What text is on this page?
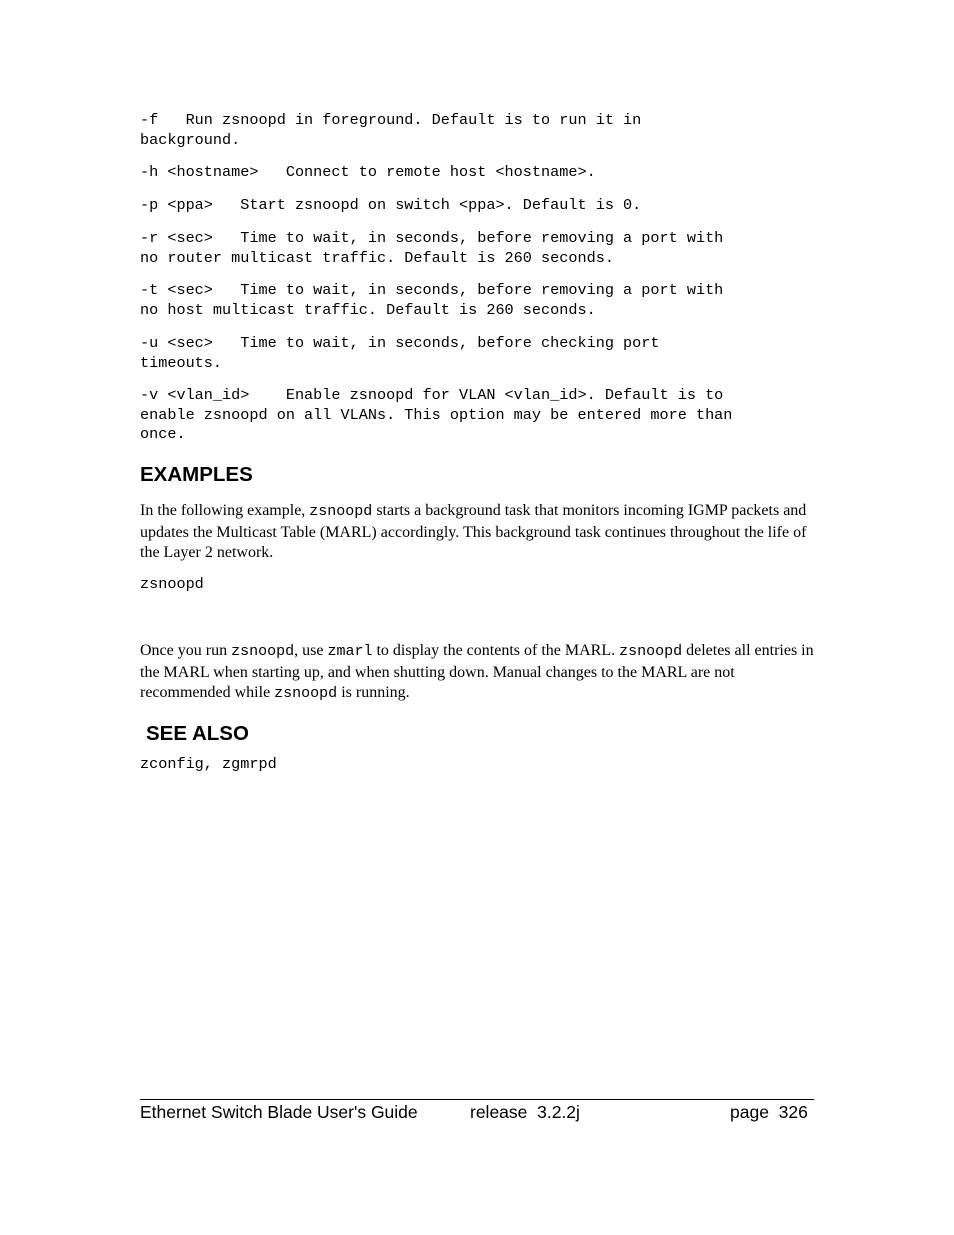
-f   Run zsnoopd in foreground. Default is to run it in

background.

-h <hostname>   Connect to remote host <hostname>.

-p <ppa>   Start zsnoopd on switch <ppa>. Default is 0.

-r <sec>   Time to wait, in seconds, before removing a port with

no router multicast traffic. Default is 260 seconds.

-t <sec>   Time to wait, in seconds, before removing a port with

no host multicast traffic. Default is 260 seconds.

-u <sec>   Time to wait, in seconds, before checking port

timeouts.

-v <vlan_id>    Enable zsnoopd for VLAN <vlan_id>. Default is to

enable zsnoopd on all VLANs. This option may be entered more than

once.

EXAMPLES

In the following example, zsnoopd starts a background task that monitors incoming IGMP packets and updates the Multicast Table (MARL) accordingly. This background task continues throughout the life of the Layer 2 network.

zsnoopd

Once you run zsnoopd, use zmarl to display the contents of the MARL. zsnoopd deletes all entries in the MARL when starting up, and when shutting down. Manual changes to the MARL are not recommended while zsnoopd is running.

SEE ALSO

zconfig, zgmrpd

Ethernet Switch Blade User's Guide	release  3.2.2j	page  326
